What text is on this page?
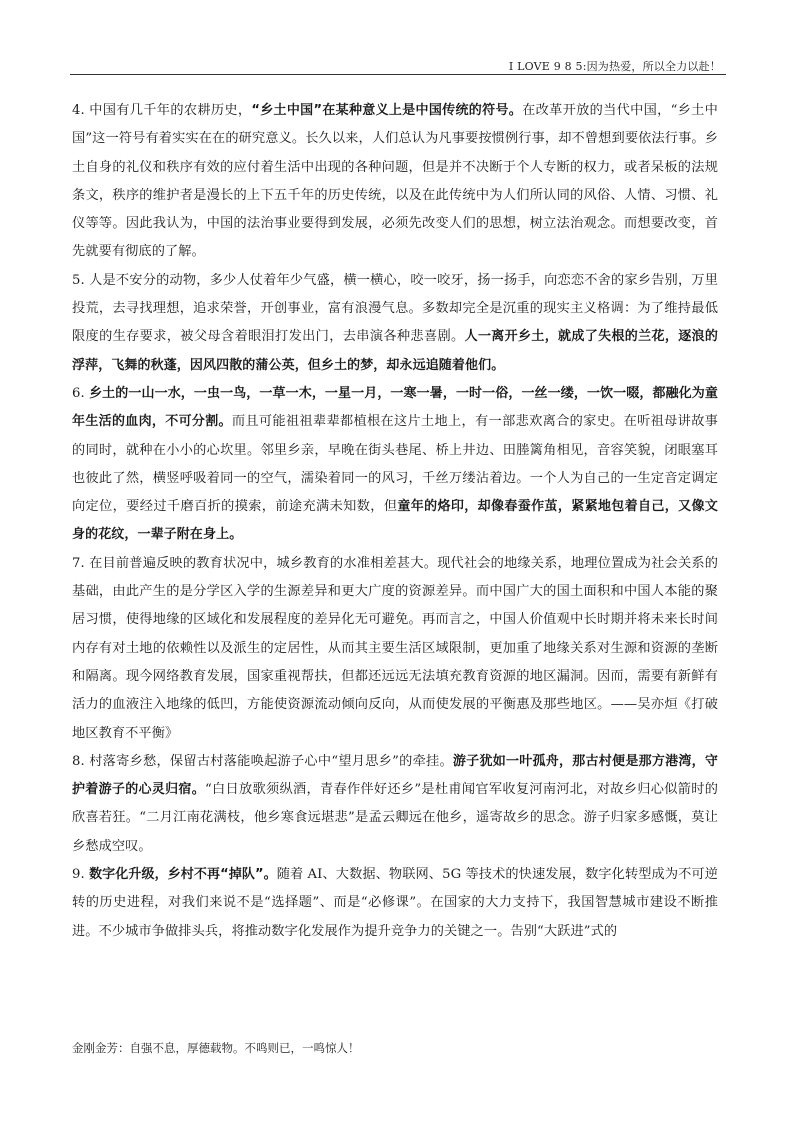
I LOVE 9 8 5:因为热爱，所以全力以赴！

4. 中国有几千年的农耕历史，“乡土中国”在某种意义上是中国传统的符号。在改革开放的当代中国，“乡土中国”这一符号有着实实在在的研究意义。长久以来，人们总认为凡事要按惯例行事，却不曾想到要依法行事。乡土自身的礼仪和秩序有效的应付着生活中出现的各种问题，但是并不决断于个人专断的权力，或者呆板的法规条文，秩序的维护者是漫长的上下五千年的历史传统，以及在此传统中为人们所认同的风俗、人情、习惯、礼仪等等。因此我认为，中国的法治事业要得到发展，必须先改变人们的思想，树立法治观念。而想要改变，首先就要有彻底的了解。

5. 人是不安分的动物，多少人仗着年少气盛，横一横心，咬一咬牙，扬一扬手，向恋恋不舍的家乡告别，万里投荒，去寻找理想，追求荣誉，开创事业，富有浪漫气息。多数却完全是沉重的现实主义格调：为了维持最低限度的生存要求，被父母含着眼泪打发出门，去串演各种悲喜剧。人一离开乡土，就成了失根的兰花，逐浪的浮萍，飞舞的秋蓬，因风四散的蒲公英，但乡土的梦，却永远追随着他们。

6. 乡土的一山一水，一虫一鸟，一草一木，一星一月，一寒一暑，一时一俗，一丝一缕，一饮一啜，都融化为童年生活的血肉，不可分割。而且可能祖祖辈辈都植根在这片土地上，有一部悲欢离合的家史。在听祖母讲故事的同时，就种在小小的心坎里。邻里乡亲，早晚在街头巷尾、桥上井边、田塍篱角相见，音容笑貌，闭眼塞耳也彼此了然，横竖呼吸着同一的空气，濡染着同一的风习，千丝万缕沾着边。一个人为自己的一生定音定调定向定位，要经过千磨百折的摸索，前途充满未知数，但童年的烙印，却像春蚕作茧，紧紧地包着自己，又像文身的花纹，一辈子附在身上。

7. 在目前普遍反映的教育状况中，城乡教育的水准相差甚大。现代社会的地缘关系，地理位置成为社会关系的基础，由此产生的是分学区入学的生源差异和更大广度的资源差异。而中国广大的国土面积和中国人本能的聚居习惯，使得地缘的区域化和发展程度的差异化无可避免。再而言之，中国人价值观中长时期并将未来长时间内存有对土地的依赖性以及派生的定居性，从而其主要生活区域限制，更加重了地缘关系对生源和资源的垄断和隔离。现今网络教育发展，国家重视帮扶，但都还远远无法填充教育资源的地区漏洞。因而，需要有新鲜有活力的血液注入地缘的低凹，方能使资源流动倾向反向，从而使发展的平衡惠及那些地区。——吴亦烜《打破地区教育不平衡》

8. 村落寄乡愁，保留古村落能唤起游子心中“望月思乡”的牵挂。游子犹如一叶孤舟，那古村便是那方港湾，守护着游子的心灵归宿。“白日放歌须纵酒，青春作伴好还乡”是杜甫闻官军收复河南河北，对故乡归心似箭时的欣喜若狂。“二月江南花满枝，他乡寒食远堪悲”是孟云卿远在他乡，遥寄故乡的思念。游子归家多感慨，莫让乡愁成空叹。

9. 数字化升级，乡村不再“掉队”。随着 AI、大数据、物联网、5G 等技术的快速发展，数字化转型成为不可逆转的历史进程，对我们来说不是“选择题”、而是“必修课”。在国家的大力支持下，我国智慧城市建设不断推进。不少城市争做排头兵，将推动数字化发展作为提升竞争力的关键之一。告别“大跃进”式的

金刚金芳：自强不息，厚德载物。不鸣则已，一鸣惊人！
